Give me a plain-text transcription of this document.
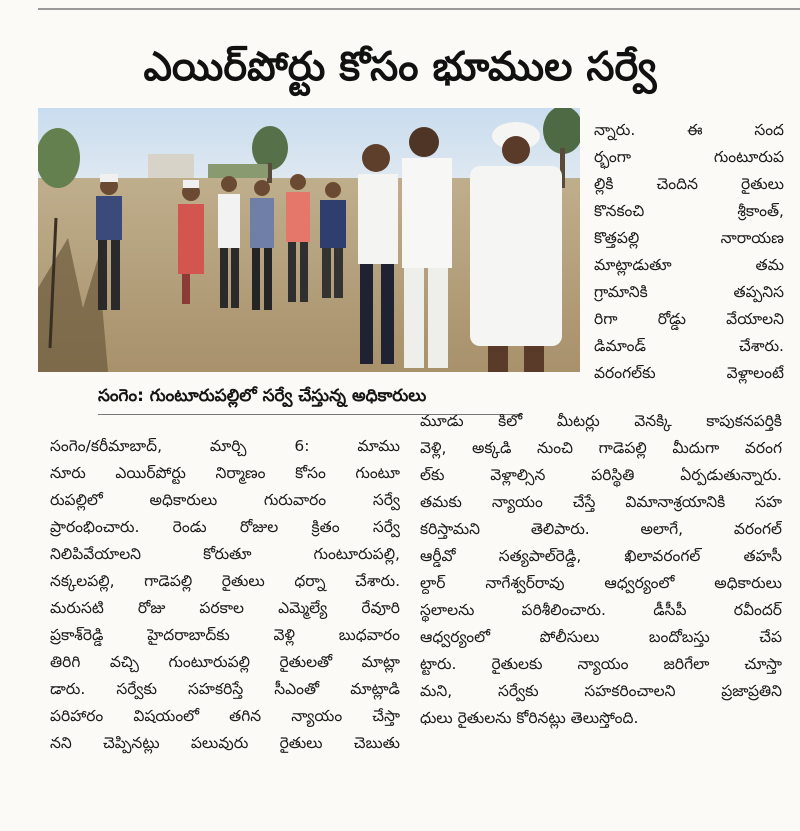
ఎయిర్‌పోర్టు కోసం భూముల సర్వే
సంగెం: గుంటూరుపల్లిలో సర్వే చేస్తున్న అధికారులు
న్నారు. ఈ సంద
ర్భంగా గుంటూరుప
ల్లికి చెందిన రైతులు
కొనకంచి శ్రీకాంత్,
కొత్తపల్లి నారాయణ
మాట్లాడుతూ తమ
గ్రామానికి తప్పనిస
రిగా రోడ్డు వేయాలని
డిమాండ్ చేశారు.
వరంగల్‌కు వెళ్లాలంటే
సంగెం/కరీమాబాద్, మార్చి 6: మాము
నూరు ఎయిర్‌పోర్టు నిర్మాణం కోసం గుంటూ
రుపల్లిలో అధికారులు గురువారం సర్వే
ప్రారంభించారు. రెండు రోజుల క్రితం సర్వే
నిలిపివేయాలని కోరుతూ గుంటూరుపల్లి,
నక్కలపల్లి, గాడెపల్లి రైతులు ధర్నా చేశారు.
మరుసటి రోజు పరకాల ఎమ్మెల్యే రేవూరి
ప్రకాశ్‌రెడ్డి హైదరాబాద్‌కు వెళ్లి బుధవారం
తిరిగి వచ్చి గుంటూరుపల్లి రైతులతో మాట్లా
డారు. సర్వేకు సహకరిస్తే సీఎంతో మాట్లాడి
పరిహారం విషయంలో తగిన న్యాయం చేస్తా
నని చెప్పినట్లు పలువురు రైతులు చెబుతు
మూడు కిలో మీటర్లు వెనక్కి కాపుకనపర్తికి
వెళ్లి, అక్కడి నుంచి గాడెపల్లి మీదుగా వరంగ
ల్‌కు వెళ్లాల్సిన పరిస్థితి ఏర్పడుతున్నారు.
తమకు న్యాయం చేస్తే విమానాశ్రయానికి సహ
కరిస్తామని తెలిపారు. అలాగే, వరంగల్
ఆర్డీవో సత్యపాల్‌రెడ్డి, ఖిలావరంగల్ తహసీ
ల్దార్ నాగేశ్వర్‌రావు ఆధ్వర్యంలో అధికారులు
స్థలాలను పరిశీలించారు. డీసీపీ రవీందర్
ఆధ్వర్యంలో పోలీసులు బందోబస్తు చేప
ట్టారు. రైతులకు న్యాయం జరిగేలా చూస్తా
మని, సర్వేకు సహకరించాలని ప్రజాప్రతిని
ధులు రైతులను కోరినట్లు తెలుస్తోంది.
